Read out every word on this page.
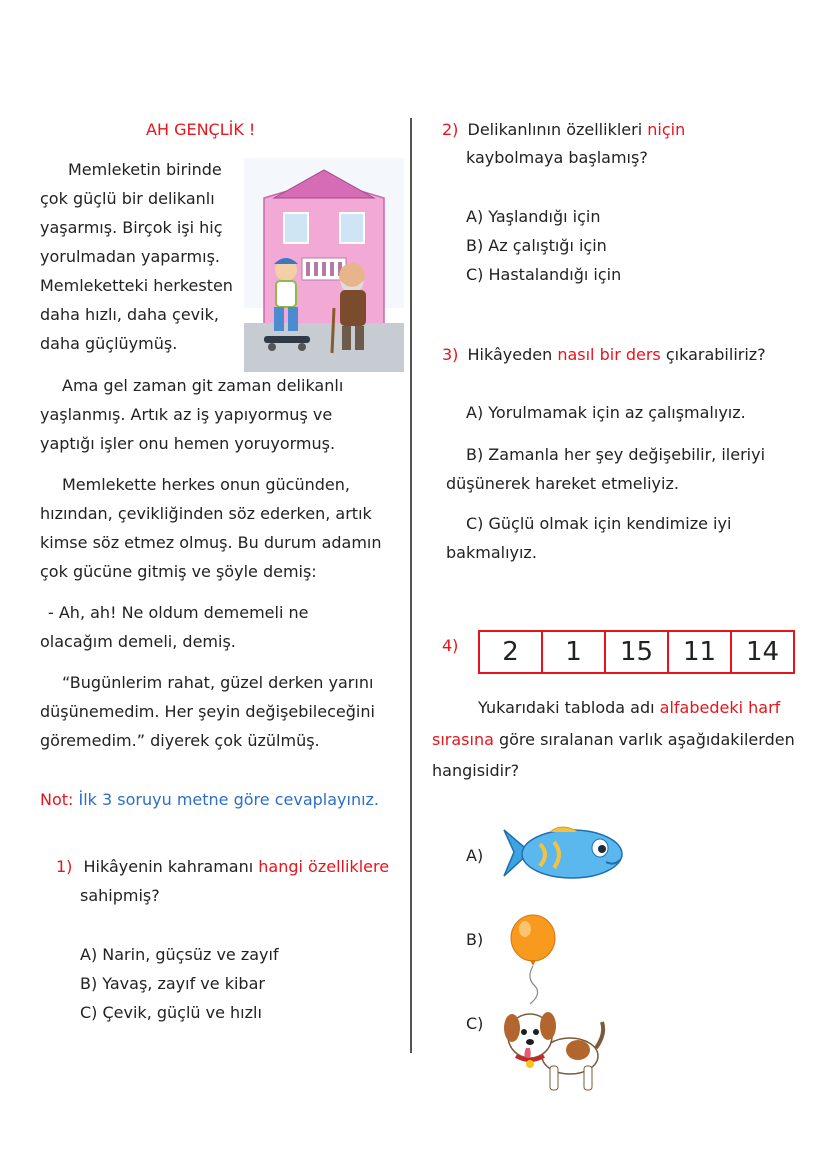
AH GENÇLİK !
Memleketin birinde
çok güçlü bir delikanlı
yaşarmış. Birçok işi hiç
yorulmadan yaparmış.
Memleketteki herkesten
daha hızlı, daha çevik,
daha güçlüymüş.
Ama gel zaman git zaman delikanlı
yaşlanmış. Artık az iş yapıyormuş ve
yaptığı işler onu hemen yoruyormuş.
Memlekette herkes onun gücünden,
hızından, çevikliğinden söz ederken, artık
kimse söz etmez olmuş. Bu durum adamın
çok gücüne gitmiş ve şöyle demiş:
- Ah, ah! Ne oldum dememeli ne
olacağım demeli, demiş.
“Bugünlerim rahat, güzel derken yarını
düşünemedim. Her şeyin değişebileceğini
göremedim.” diyerek çok üzülmüş.
Not: İlk 3 soruyu metne göre cevaplayınız.
1) Hikâyenin kahramanı hangi özelliklere
sahipmiş?
A) Narin, güçsüz ve zayıf
B) Yavaş, zayıf ve kibar
C) Çevik, güçlü ve hızlı
2) Delikanlının özellikleri niçin
kaybolmaya başlamış?
A) Yaşlandığı için
B) Az çalıştığı için
C) Hastalandığı için
3) Hikâyeden nasıl bir ders çıkarabiliriz?
A) Yorulmamak için az çalışmalıyız.
B) Zamanla her şey değişebilir, ileriyi
düşünerek hareket etmeliyiz.
C) Güçlü olmak için kendimize iyi
bakmalıyız.
4) 2	1	15	11	14
Yukarıdaki tabloda adı alfabedeki harf
sırasına göre sıralanan varlık aşağıdakilerden
hangisidir?
A)
B)
C)
